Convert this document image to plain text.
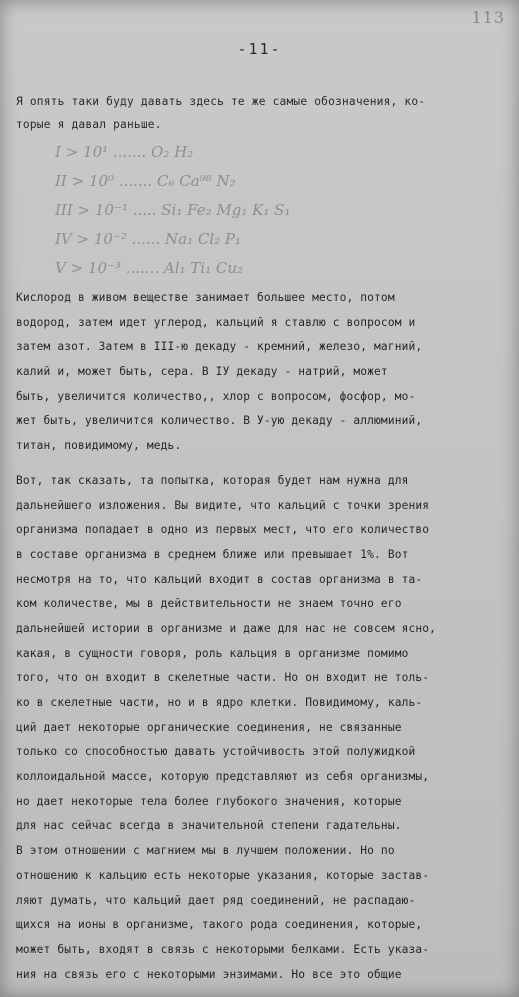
113
-11-
Я опять таки буду давать здесь те же самые обозначения, ко-
торые я давал раньше.
I > 10¹ ....... O₂ H₂
II > 10⁰ ....... C₆ Ca⁹⁸ N₂
III > 10⁻¹ ..... Si₁ Fe₂ Mg₁ K₁ S₁
IV > 10⁻² ...... Na₁ Cl₂ P₁
V > 10⁻³ ....... Al₁ Ti₁ Cu₂
Кислород в живом веществе занимает большее место, потом
водород, затем идет углерод, кальций я ставлю с вопросом и
затем азот. Затем в III-ю декаду - кремний, железо, магний,
калий и, может быть, сера. В IУ декаду - натрий, может
быть, увеличится количество,, хлор с вопросом, фосфор, мо-
жет быть, увеличится количество. В У-ую декаду - аллюминий,
титан, повидимому, медь.
Вот, так сказать, та попытка, которая будет нам нужна для
дальнейшего изложения. Вы видите, что кальций с точки зрения
организма попадает в одно из первых мест, что его количество
в составе организма в среднем ближе или превышает 1%. Вот
несмотря на то, что кальций входит в состав организма в та-
ком количестве, мы в действительности не знаем точно его
дальнейшей истории в организме и даже для нас не совсем ясно,
какая, в сущности говоря, роль кальция в организме помимо
того, что он входит в скелетные части. Но он входит не толь-
ко в скелетные части, но и в ядро клетки. Повидимому, каль-
ций дает некоторые органические соединения, не связанные
только со способностью давать устойчивость этой полужидкой
коллоидальной массе, которую представляют из себя организмы,
но дает некоторые тела более глубокого значения, которые
для нас сейчас всегда в значительной степени гадательны.
В этом отношении с магнием мы в лучшем положении. Но по
отношению к кальцию есть некоторые указания, которые застав-
ляют думать, что кальций дает ряд соединений, не распадаю-
щихся на ионы в организме, такого рода соединения, которые,
может быть, входят в связь с некоторыми белками. Есть указа-
ния на связь его с некоторыми энзимами. Но все это общие
